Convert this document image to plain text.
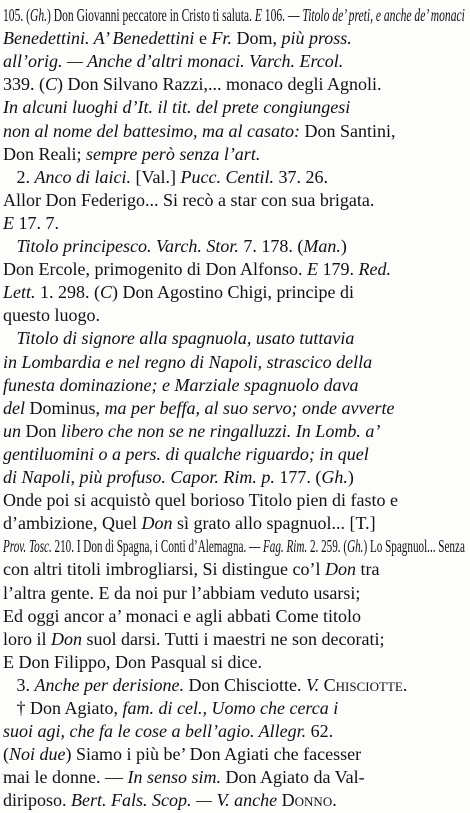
105. (Gh.) Don Giovanni peccatore in Cristo ti saluta. E 106. — Titolo de’ preti, e anche de’ monaci
Benedettini. A’ Benedettini e Fr. Dom, più pross.
all’orig. — Anche d’altri monaci. Varch. Ercol.
339. (C) Don Silvano Razzi,... monaco degli Agnoli.
In alcuni luoghi d’It. il tit. del prete congiungesi
non al nome del battesimo, ma al casato: Don Santini,
Don Reali; sempre però senza l’art.
2. Anco di laici. [Val.] Pucc. Centil. 37. 26.
Allor Don Federigo... Si recò a star con sua brigata.
E 17. 7.
Titolo principesco. Varch. Stor. 7. 178. (Man.)
Don Ercole, primogenito di Don Alfonso. E 179. Red.
Lett. 1. 298. (C) Don Agostino Chigi, principe di
questo luogo.
Titolo di signore alla spagnuola, usato tuttavia
in Lombardia e nel regno di Napoli, strascico della
funesta dominazione; e Marziale spagnuolo dava
del Dominus, ma per beffa, al suo servo; onde avverte
un Don libero che non se ne ringalluzzi. In Lomb. a’
gentiluomini o a pers. di qualche riguardo; in quel
di Napoli, più profuso. Capor. Rim. p. 177. (Gh.)
Onde poi si acquistò quel borioso Titolo pien di fasto e
d’ambizione, Quel Don sì grato allo spagnuol... [T.]
Prov. Tosc. 210. I Don di Spagna, i Conti d’Alemagna. — Fag. Rim. 2. 259. (Gh.) Lo Spagnuol... Senza
con altri titoli imbrogliarsi, Si distingue co’l Don tra
l’altra gente. E da noi pur l’abbiam veduto usarsi;
Ed oggi ancor a’ monaci e agli abbati Come titolo
loro il Don suol darsi. Tutti i maestri ne son decorati;
E Don Filippo, Don Pasqual si dice.
3. Anche per derisione. Don Chisciotte. V. Chisciotte.
† Don Agiato, fam. di cel., Uomo che cerca i
suoi agi, che fa le cose a bell’agio. Allegr. 62.
(Noi due) Siamo i più be’ Don Agiati che facesser
mai le donne. — In senso sim. Don Agiato da Val-
diriposo. Bert. Fals. Scop. — V. anche Donno.
